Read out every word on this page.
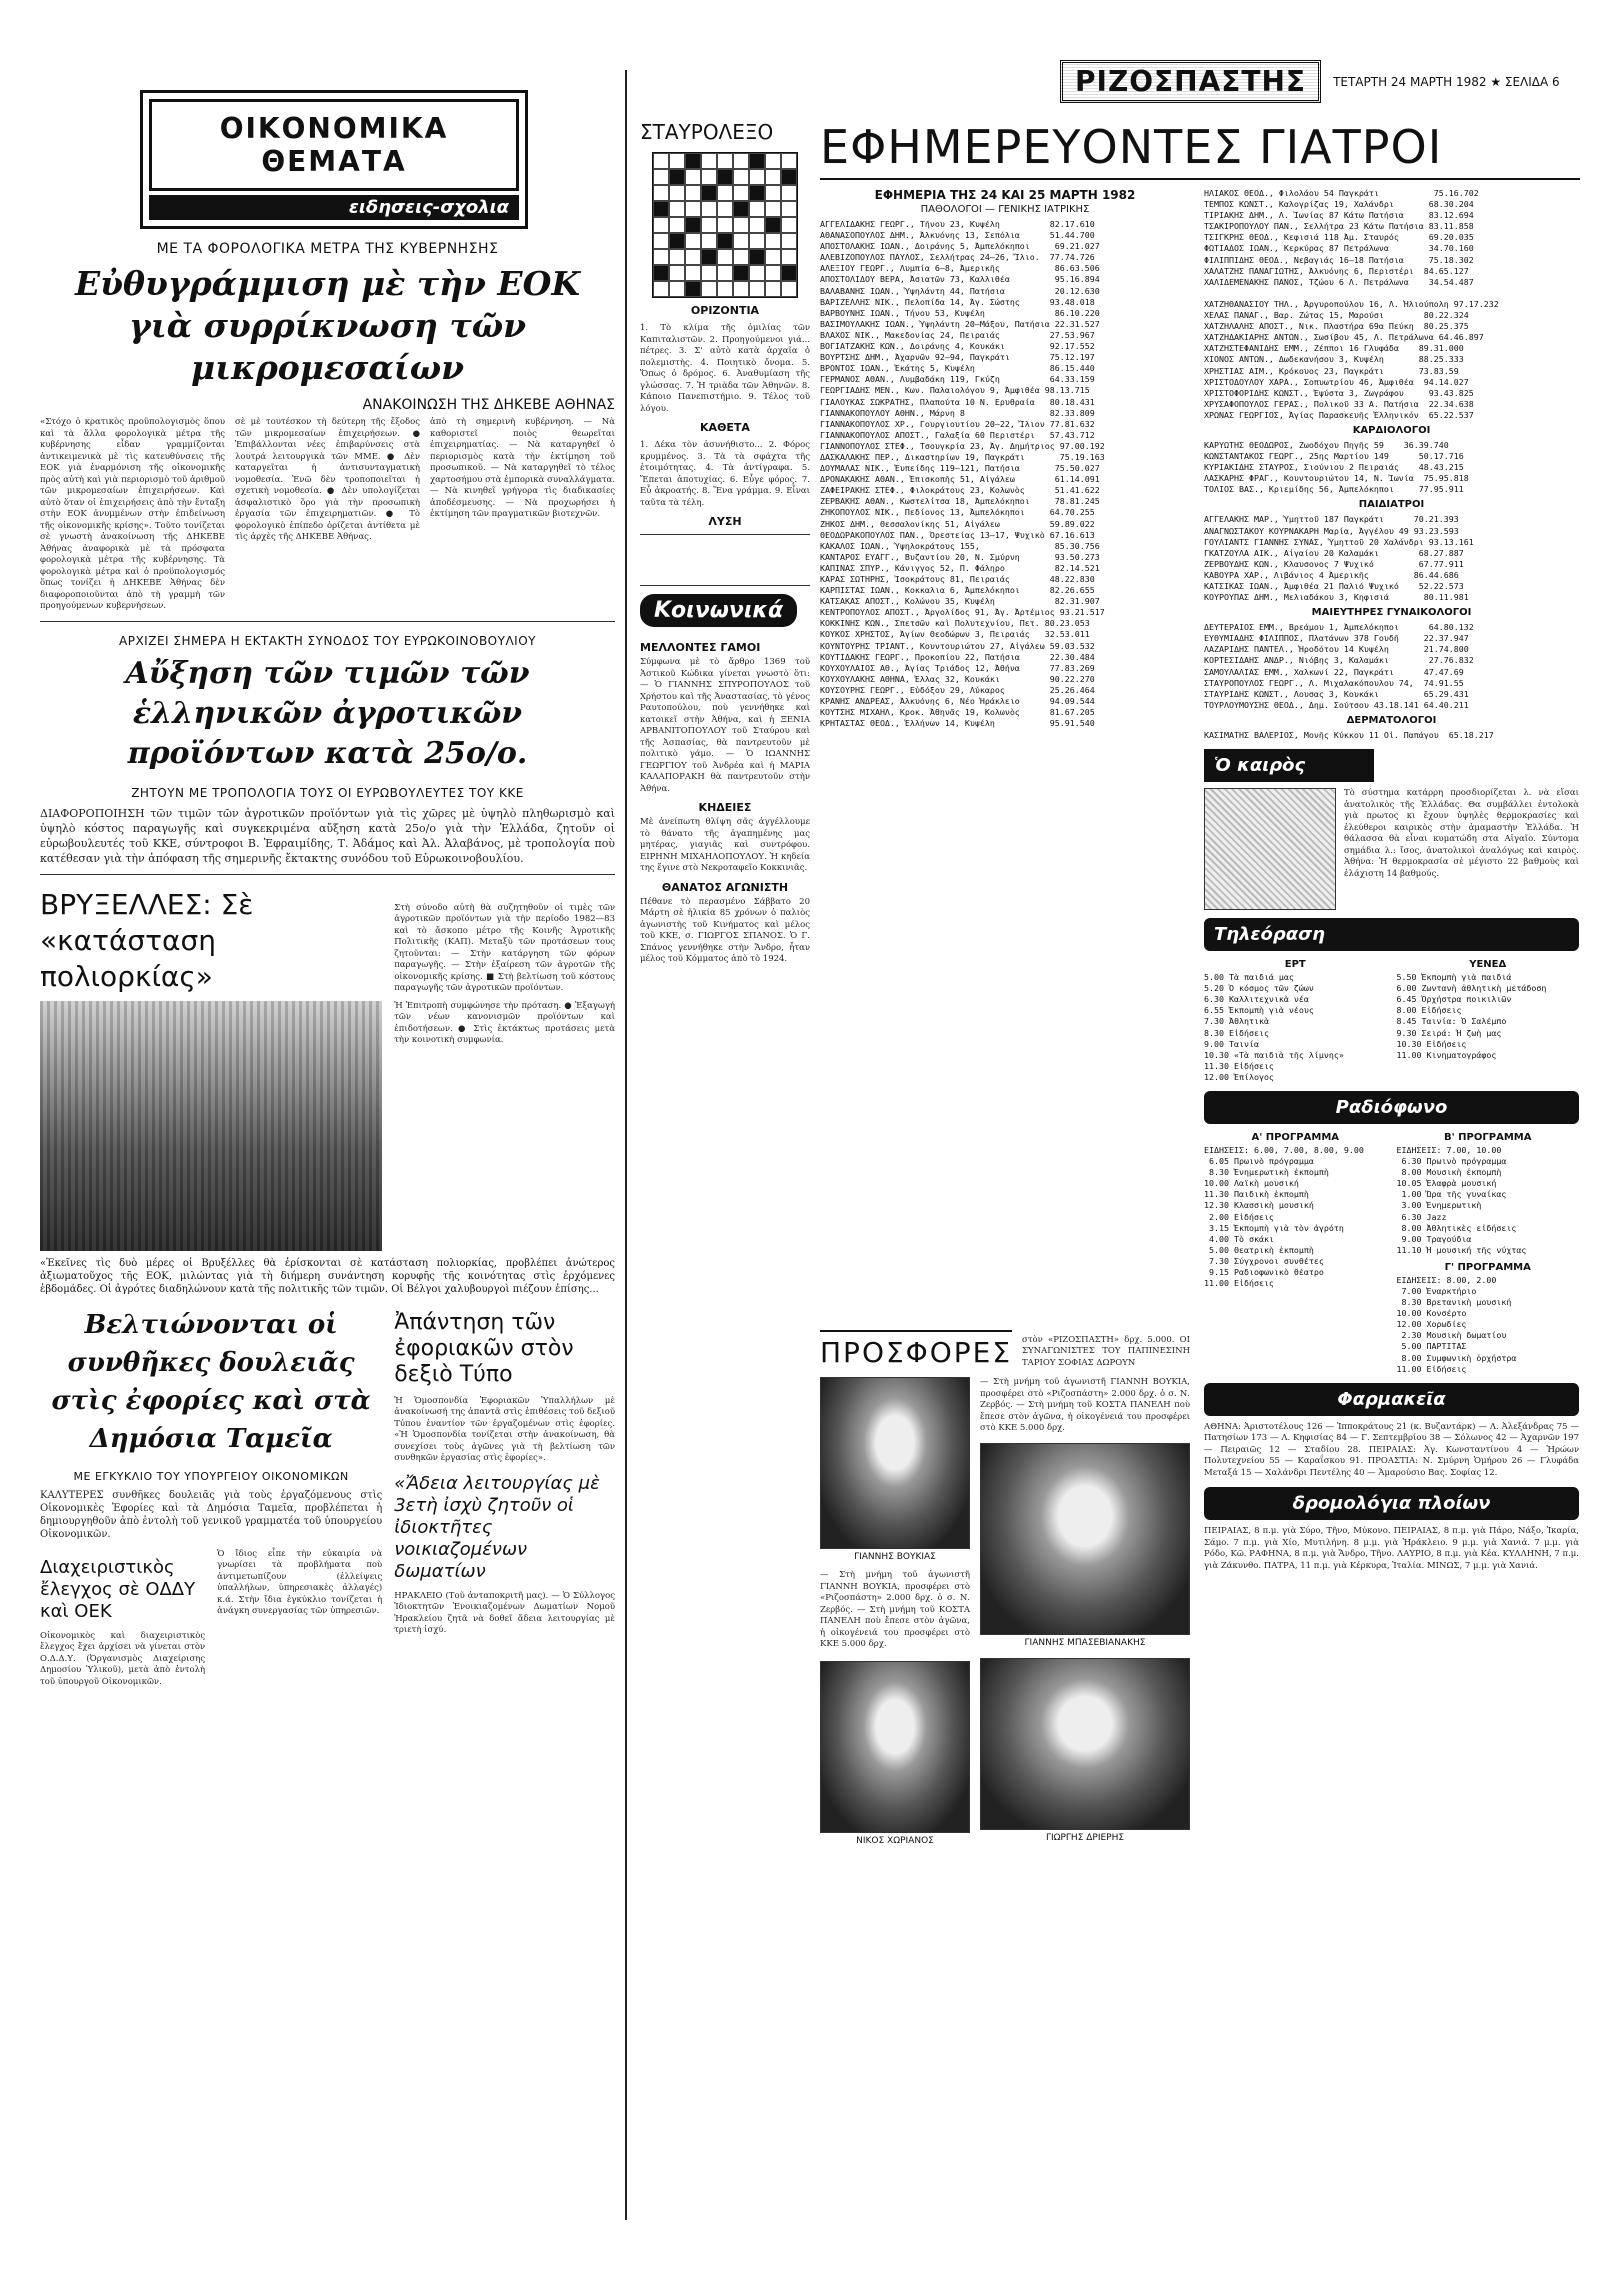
ΟΙΚΟΝΟΜΙΚΑ ΘΕΜΑΤΑ
ειδησεις-σχολια
ΜΕ ΤΑ ΦΟΡΟΛΟΓΙΚΑ ΜΕΤΡΑ ΤΗΣ ΚΥΒΕΡΝΗΣΗΣ
Εὐθυγράμμιση μὲ τὴν ΕΟΚ γιὰ συρρίκνωση τῶν μικρομεσαίων
ΑΝΑΚΟΙΝΩΣΗ ΤΗΣ ΔΗΚΕΒΕ ΑΘΗΝΑΣ
«Στόχο ὁ κρατικὸς προϋπολογισμὸς ὅπου καὶ τὰ ἄλλα φορολογικὰ μέτρα τῆς κυβέρνησης εἶδαν γραμμίζονται ἀντικειμενικὰ μὲ τὶς κατευθύνσεις τῆς ΕΟΚ γιὰ ἐναρμόνιση τῆς οἰκονομικῆς πρὸς αὐτὴ καὶ γιὰ περιορισμὸ τοῦ ἀριθμοῦ τῶν μικρομεσαίων ἐπιχειρήσεων. Καὶ αὐτὸ ὅταν οἱ ἐπιχειρήσεις ἀπὸ τὴν ἔνταξη στὴν ΕΟΚ ἀνυμμένων στὴν ἐπιδείνωση τῆς οἰκονομικῆς κρίσης». Τοῦτο τονίζεται σὲ γνωστὴ ἀνακοίνωση τῆς ΔΗΚΕΒΕ Ἀθήνας ἀναφορικὰ μὲ τὰ πρόσφατα φορολογικὰ μέτρα τῆς κυβέρνησης. Τὰ φορολογικὰ μέτρα καὶ ὁ προϋπολογισμός ὅπως τονίζει ἡ ΔΗΚΕΒΕ Ἀθήνας δὲν διαφοροποιοῦνται ἀπὸ τὴ γραμμὴ τῶν προηγούμενων κυβερνήσεων.
σὲ μὲ τουτέσκον τὴ δεύτερη τῆς ἔξοδος τῶν μικρομεσαίων ἐπιχειρήσεων. ● Ἐπιβάλλονται νέες ἐπιβαρύνσεις στὰ λουτρά λειτουργικὰ τῶν ΜΜΕ. ● Δὲν καταργεῖται ἡ ἀντισυνταγματικὴ νομοθεσία. Ἐνῶ δὲν τροποποιεῖται ἡ σχετικὴ νομοθεσία. ● Δὲν υπολογίζεται ἀσφαλιστικὸ ὅρο γιὰ τὴν προσωπικὴ ἐργασία τῶν ἐπιχειρηματιῶν. ● Τὸ φορολογικὸ ἐπίπεδο ὁρίζεται ἀντίθετα μὲ τὶς ἀρχὲς τῆς ΔΗΚΕΒΕ Ἀθήνας.
ἀπὸ τὴ σημερινὴ κυβέρνηση. — Νὰ καθοριστεῖ ποιὸς θεωρεῖται ἐπιχειρηματίας. — Νὰ καταργηθεῖ ὁ περιορισμὸς κατὰ τὴν ἐκτίμηση τοῦ προσωπικοῦ. — Νὰ καταργηθεῖ τὸ τέλος χαρτοσήμου στὰ ἐμπορικὰ συναλλάγματα. — Νὰ κινηθεῖ γρήγορα τὶς διαδικασίες ἀποδέσμευσης. — Νὰ προχωρήσει ἡ ἐκτίμηση τῶν πραγματικῶν βιοτεχνῶν.
ΑΡΧΙΖΕΙ ΣΗΜΕΡΑ Η ΕΚΤΑΚΤΗ ΣΥΝΟΔΟΣ ΤΟΥ ΕΥΡΩΚΟΙΝΟΒΟΥΛΙΟΥ
Αὔξηση τῶν τιμῶν τῶν ἑλληνικῶν ἀγροτικῶν προϊόντων κατὰ 25ο/ο.
ΖΗΤΟΥΝ ΜΕ ΤΡΟΠΟΛΟΓΙΑ ΤΟΥΣ ΟΙ ΕΥΡΩΒΟΥΛΕΥΤΕΣ ΤΟΥ ΚΚΕ
ΔΙΑΦΟΡΟΠΟΙΗΣΗ τῶν τιμῶν τῶν ἀγροτικῶν προϊόντων γιὰ τὶς χῶρες μὲ ὑψηλὸ πληθωρισμὸ καὶ ὑψηλὸ κόστος παραγωγῆς καὶ συγκεκριμένα αὔξηση κατὰ 25ο/ο γιὰ τὴν Ἑλλάδα, ζητοῦν οἱ εὐρωβουλευτές τοῦ ΚΚΕ, σύντροφοι Β. Ἐφραιμίδης, Τ. Ἀδάμος καὶ Ἀλ. Ἀλαβάνος, μὲ τροπολογία ποὺ κατέθεσαν γιὰ τὴν ἀπόφαση τῆς σημερινῆς ἔκτακτης συνόδου τοῦ Εὐρωκοινοβουλίου.
ΒΡΥΞΕΛΛΕΣ: Σὲ «κατάσταση πολιορκίας»
Στὴ σύνοδο αὐτὴ θὰ συζητηθοῦν οἱ τιμὲς τῶν ἀγροτικῶν προϊόντων γιὰ τὴν περίοδο 1982—83 καὶ τὸ ἄσκοπο μέτρο τῆς Κοινῆς Ἀγροτικῆς Πολιτικῆς (ΚΑΠ). Μεταξὺ τῶν προτάσεων τους ζητοῦνται: — Στὴν κατάργηση τῶν φόρων παραγωγῆς. — Στὴν ἐξαίρεση τῶν ἀγροτῶν τῆς οἰκονομικῆς κρίσης. ■ Στὴ βελτίωση τοῦ κόστους παραγωγῆς τῶν ἀγροτικῶν προϊόντων.
Ἡ Ἐπιτροπὴ συμφώνησε τὴν πρόταση. ● Ἐξαγωγή τῶν νέων κανονισμῶν προϊόντων καὶ ἐπιδοτήσεων. ● Στὶς ἐκτάκτως προτάσεις μετὰ τὴν κοινοτικὴ συμφωνία.
«Ἐκεῖνες τὶς δυὸ μέρες οἱ Βρυξέλλες θὰ ἐρίσκονται σὲ κατάσταση πολιορκίας, προβλέπει ἀνώτερος ἀξιωματοῦχος τῆς ΕΟΚ, μιλώντας γιὰ τὴ διήμερη συνάντηση κορυφῆς τῆς κοινότητας στὶς ἐρχόμενες ἑβδομάδες. Οἱ ἀγρότες διαδηλώνουν κατὰ τῆς πολιτικῆς τῶν τιμῶν. Οἱ Βέλγοι χαλυβουργοὶ πιέζουν ἐπίσης...
Βελτιώνονται οἱ συνθῆκες δουλειᾶς στὶς ἐφορίες καὶ στὰ Δημόσια Ταμεῖα
ΜΕ ΕΓΚΥΚΛΙΟ ΤΟΥ ΥΠΟΥΡΓΕΙΟΥ ΟΙΚΟΝΟΜΙΚΩΝ
ΚΑΛΥΤΕΡΕΣ συνθῆκες δουλειᾶς γιὰ τοὺς ἐργαζόμενους στὶς Οἰκονομικὲς Ἐφορίες καὶ τὰ Δημόσια Ταμεῖα, προβλέπεται ἡ δημιουργηθοῦν ἀπὸ ἐντολὴ τοῦ γενικοῦ γραμματέα τοῦ ὑπουργείου Οἰκονομικῶν.
Διαχειριστικὸς ἔλεγχος σὲ ΟΔΔΥ καὶ ΟΕΚ
Οἰκονομικὸς καὶ διαχειριστικὸς ἔλεγχος ἔχει ἀρχίσει νὰ γίνεται στὸν Ο.Δ.Δ.Υ. (Ὀργανισμὸς Διαχείρισης Δημοσίου Ὑλικοῦ), μετὰ ἀπὸ ἐντολὴ τοῦ ὑπουργοῦ Οἰκονομικῶν.
Ὁ ἴδιος εἶπε τὴν εὐκαιρία νὰ γνωρίσει τὰ προβλήματα ποὺ ἀντιμετωπίζουν (ἐλλείψεις ὑπαλλήλων, ὑπηρεσιακὲς ἀλλαγές) κ.ά. Στὴν ἴδια ἐγκύκλιο τονίζεται ἡ ἀνάγκη συνεργασίας τῶν ὑπηρεσιῶν.
Ἀπάντηση τῶν ἐφοριακῶν στὸν δεξιὸ Τύπο
Ἡ Ὁμοσπονδία Ἐφοριακῶν Ὑπαλλήλων μὲ ἀνακοίνωσή της ἀπαντᾶ στὶς ἐπιθέσεις τοῦ δεξιοῦ Τύπου ἐναντίον τῶν ἐργαζομένων στὶς ἐφορίες. «Ἡ Ὁμοσπονδία τονίζεται στὴν ἀνακοίνωση, θὰ συνεχίσει τοὺς ἀγῶνες γιὰ τὴ βελτίωση τῶν συνθηκῶν ἐργασίας στὶς ἐφορίες».
«Ἄδεια λειτουργίας μὲ 3ετὴ ἰσχὺ ζητοῦν οἱ ἰδιοκτῆτες νοικιαζομένων δωματίων
ΗΡΑΚΛΕΙΟ (Τοῦ ἀνταποκριτῆ μας). — Ὁ Σύλλογος Ἰδιοκτητῶν Ἐνοικιαζομένων Δωματίων Νομοῦ Ἡρακλείου ζητᾶ νὰ δοθεῖ ἄδεια λειτουργίας μὲ τριετὴ ἰσχύ.
ΡΙΖΟΣΠΑΣΤΗΣ	ΤΕΤΑΡΤΗ 24 ΜΑΡΤΗ 1982 ★ ΣΕΛΙΔΑ 6
ΣΤΑΥΡΟΛΕΞΟ
ΟΡΙΖΟΝΤΙΑ
1. Τὸ κλίμα τῆς ὁμιλίας τῶν Καπιταλιστῶν. 2. Προηγούμενοι γιά... πέτρες. 3. Σ' αὐτὸ κατὰ ἀρχαῖα ὁ πολεμιστὴς. 4. Ποιητικὸ ὄνομα. 5. Ὅπως ὁ δρόμος. 6. Ἀναθυμίαση τῆς γλώσσας. 7. Ἡ τριὰδα τῶν Ἀθηνῶν. 8. Κάποιο Πανεπιστήμιο. 9. Τέλος τοῦ λόγου.
ΚΑΘΕΤΑ
1. Δέκα τὸν ἀσυνήθιστο... 2. Φόρος κρυμμένος. 3. Τὰ τὰ σφάχτα τῆς ἑτοιμότητας. 4. Τὰ ἀντίγραφα. 5. Ἔπεται ἀποτυχίας. 6. Εὖγε φόρος. 7. Εὖ ἀκροατής. 8. Ἕνα γράμμα. 9. Εἶναι ταῦτα τὰ τέλη.
ΛΥΣΗ
Κοινωνικά
ΜΕΛΛΟΝΤΕΣ ΓΑΜΟΙ
Σύμφωνα μὲ τὸ ἄρθρο 1369 τοῦ Ἀστικοῦ Κώδικα γίνεται γνωστὸ ὅτι: — Ὁ ΓΙΑΝΝΗΣ ΣΠΥΡΟΠΟΥΛΟΣ τοῦ Χρήστου καὶ τῆς Ἀναστασίας, τὸ γένος Ραυτοπούλου, ποὺ γεννήθηκε καὶ κατοικεῖ στὴν Ἀθήνα, καὶ ἡ ΞΕΝΙΑ ΑΡΒΑΝΙΤΟΠΟΥΛΟΥ τοῦ Σταύρου καὶ τῆς Ἀσπασίας, θὰ παντρευτοῦν μὲ πολιτικὸ γάμο. — Ὁ ΙΩΑΝΝΗΣ ΓΕΩΡΓΙΟΥ τοῦ Ἀνδρέα καὶ ἡ ΜΑΡΙΑ ΚΑΛΑΠΟΡΑΚΗ θὰ παντρευτοῦν στὴν Ἀθήνα.
ΚΗΔΕΙΕΣ
Μὲ ἀνείπωτη θλίψη σᾶς ἀγγέλλουμε τὸ θάνατο τῆς ἀγαπημένης μας μητέρας, γιαγιᾶς καὶ συντρόφου. ΕΙΡΗΝΗ ΜΙΧΑΗΛΟΠΟΥΛΟΥ. Ἡ κηδεία της ἔγινε στὸ Νεκροταφεῖο Κοκκινιᾶς.
ΘΑΝΑΤΟΣ ΑΓΩΝΙΣΤΗ
Πέθανε τὸ περασμένο Σάββατο 20 Μάρτη σὲ ἡλικία 85 χρόνων ὁ παλιὸς ἀγωνιστὴς τοῦ Κινήματος καὶ μέλος τοῦ ΚΚΕ, σ. ΓΙΩΡΓΟΣ ΣΠΑΝΟΣ. Ὁ Γ. Σπάνος γεννήθηκε στὴν Ἄνδρο, ἦταν μέλος τοῦ Κόμματος ἀπὸ τὸ 1924.
ΕΦΗΜΕΡΕΥΟΝΤΕΣ ΓΙΑΤΡΟΙ
ΕΦΗΜΕΡΙΑ ΤΗΣ 24 ΚΑΙ 25 ΜΑΡΤΗ 1982
ΠΑΘΟΛΟΓΟΙ — ΓΕΝΙΚΗΣ ΙΑΤΡΙΚΗΣ
ΑΓΓΕΛΙΔΑΚΗΣ ΓΕΩΡΓ., Τῆνου 23, Κυψέλη          82.17.610
ΑΘΑΝΑΣΟΠΟΥΛΟΣ ΔΗΜ., Ἀλκυόνης 13, Σεπόλια      51.44.700
ΑΠΟΣΤΟΛΑΚΗΣ ΙΩΑΝ., Δοιράνης 5, Ἀμπελόκηποι     69.21.027
ΑΛΕΒΙΖΟΠΟΥΛΟΣ ΠΑΥΛΟΣ, Σελλήτρας 24—26, Ἴλιο.  77.74.726
ΑΛΕΞΙΟΥ ΓΕΩΡΓ., Λυμπία 6—8, Ἀμερικῆς           86.63.506
ΑΠΟΣΤΟΛΙΔΟΥ ΒΕΡΑ, Ἀσιατῶν 73, Καλλιθέα         95.16.894
ΒΑΛΑΒΑΝΗΣ ΙΩΑΝ., Ὑψηλάντη 44, Πατήσια          20.12.630
ΒΑΡΙΖΕΛΛΗΣ ΝΙΚ., Πελοπίδα 14, Άγ. Σώστης      93.48.018
ΒΑΡΒΟΥΝΗΣ ΙΩΑΝ., Τήνου 53, Κυψέλη              86.10.220
ΒΑΣΙΜΟΥΛΑΚΗΣ ΙΩΑΝ., Ὑψηλάντη 20—Μάξου, Πατήσια 22.31.527
ΒΛΑΧΟΣ ΝΙΚ., Μακεδονίας 24, Πειραιάς          27.53.967
ΒΟΓΙΑΤΖΑΚΗΣ ΚΩΝ., Δοιράνης 4, Κουκάκι         92.17.552
ΒΟΥΡΤΣΗΣ ΔΗΜ., Ἀχαρνῶν 92—94, Παγκράτι        75.12.197
ΒΡΟΝΤΟΣ ΙΩΑΝ., Ἐκάτης 5, Κυψέλη               86.15.440
ΓΕΡΜΑΝΟΣ ΑΘΑΝ., Λυμβαδάκη 119, Γκύζη          64.33.159
ΓΕΩΡΓΙΑΔΗΣ ΜΕΝ., Κων. Παλαιολόγου 9, Ἀμφιθέα 98.13.715
ΓΙΑΛΟΥΚΑΣ ΣΩΚΡΑΤΗΣ, Πλαπούτα 10 Ν. Ερυθραία   80.18.431
ΓΙΑΝΝΑΚΟΠΟΥΛΟΥ ΑΘΗΝ., Μάρνη 8                 82.33.809
ΓΙΑΝΝΑΚΟΠΟΥΛΟΣ ΧΡ., Γουργιουτίου 20—22, Ἴλιον 77.81.632
ΓΙΑΝΝΑΚΟΠΟΥΛΟΣ ΑΠΟΣΤ., Γαλαξία 60 Περιστέρι   57.43.712
ΓΙΑΝΝΟΠΟΥΛΟΣ ΣΤΕΦ., Τσουγκρία 23, Ἀγ. Δημήτριος 97.00.192
ΔΑΣΚΑΛΑΚΗΣ ΠΕΡ., Δικαστηρίων 19, Παγκράτι       75.19.163
ΔΟΥΜΑΛΑΣ ΝΙΚ., Ἐυπείδης 119—121, Πατήσια       75.50.027
ΔΡΟΝΑΚΑΚΗΣ ΑΘΑΝ., Ἐπισκοπῆς 51, Αἰγάλεω        61.14.091
ΖΑΦΕΙΡΑΚΗΣ ΣΤΕΦ., Φιλοκράτους 23, Κολωνὸς      51.41.622
ΖΕΡΒΑΚΗΣ ΑΘΑΝ., Κωστελίτσα 18, Ἀμπελόκηποι     78.81.245
ΖΗΚΟΠΟΥΛΟΣ ΝΙΚ., Πεδίονος 13, Ἀμπελόκηποι     64.70.255
ΖΗΚΟΣ ΔΗΜ., Θεσσαλονίκης 51, Αἰγάλεω          59.89.022
ΘΕΟΔΩΡΑΚΟΠΟΥΛΟΣ ΠΑΝ., Ὀρεστείας 13—17, Ψυχικὸ 67.16.613
ΚΑΚΑΛΟΣ ΙΩΑΝ., Ὑψηλοκράτους 155,               85.30.756
ΚΑΝΤΑΡΟΣ ΕΥΑΓΓ., Βυζαντίου 20, Ν. Σμύρνη       93.50.273
ΚΑΠΙΝΑΣ ΣΠΥΡ., Κάνιγγος 52, Π. Φάληρο          82.14.521
ΚΑΡΑΣ ΣΩΤΗΡΗΣ, Ἰσοκράτους 81, Πειραιάς        48.22.830
ΚΑΡΠΙΣΤΑΣ ΙΩΑΝ., Κοκκαλια 6, Ἀμπελόκηποι      82.26.655
ΚΑΤΣΑΚΑΣ ΑΠΟΣΤ., Κολώνου 35, Κυψέλη            82.31.907
ΚΕΝΤΡΟΠΟΥΛΟΣ ΑΠΟΣΤ., Ἀργολίδος 91, Ἀγ. Ἀρτέμιος 93.21.517
ΚΟΚΚΙΝΗΣ ΚΩΝ., Σπετσῶν καὶ Πολυτεχνίου, Πετ. 80.23.053
ΚΟΥΚΟΣ ΧΡΗΣΤΟΣ, Ἀγίων Θεοδώρων 3, Πειραιάς   32.53.011
ΚΟΥΝΤΟΥΡΗΣ ΤΡΙΑΝΤ., Κουντουριώτου 27, Αἰγάλεω 59.03.532
ΚΟΥΤΙΔΑΚΗΣ ΓΕΩΡΓ., Προκοπίου 22, Πατήσια      22.30.484
ΚΟΥΧΟΥΛΑΙΟΣ ΑΘ., Ἀγίας Τριάδος 12, Ἀθήνα      77.83.269
ΚΟΥΧΟΥΛΑΚΗΣ ΑΘΗΝΑ, Ἐλλας 32, Κουκάκι          90.22.270
ΚΟΥΣΟΥΡΗΣ ΓΕΩΡΓ., Εὐδόξου 29, Λύκαρος         25.26.464
ΚΡΑΝΗΣ ΑΝΔΡΕΑΣ, Ἀλκυόνης 6, Νέο Ἡράκλειο      94.09.544
ΚΟΥΤΣΗΣ ΜΙΧΑΗΛ, Κροκ. Ἀθηνᾶς 19, Κολωνὸς      81.67.205
ΚΡΗΤΑΣΤΑΣ ΘΕΟΔ., Ἑλλήνων 14, Κυψέλη           95.91.540
ΗΛΙΑΚΟΣ ΘΕΟΔ., Φιλολάου 54 Παγκράτι           75.16.702
ΤΕΜΠΟΣ ΚΩΝΣΤ., Καλογρίζας 19, Χαλάνδρι       68.30.204
ΤΙΡΙΑΚΗΣ ΔΗΜ., Λ. Ἰωνίας 87 Κάτω Πατήσια     83.12.694
ΤΣΑΚΙΡΟΠΟΥΛΟΥ ΠΑΝ., Σελλήτρα 23 Κάτω Πατήσια 83.11.858
ΤΣΙΓΚΡΗΣ ΘΕΟΔ., Κεφισιά 118 Ἀμ. Σταυρός      69.20.035
ΦΩΤΙΑΔΟΣ ΙΩΑΝ., Κερκύρας 87 Πετράλωνα        34.70.160
ΦΙΛΙΠΠΙΔΗΣ ΘΕΟΔ., Νεβαγιάς 16—18 Πατήσια     75.18.302
ΧΑΛΑΤΖΗΣ ΠΑΝΑΓΙΩΤΗΣ, Ἀλκυόνης 6, Περιστέρι  84.65.127
ΧΑΛΙΔΕΜΕΝΑΚΗΣ ΠΑΝΟΣ, Τζώου 6 Λ. Πετράλωνα    34.54.487

ΧΑΤΖΗΘΑΝΑΣΙΟΥ ΤΗΛ., Ἀργυροπούλου 16, Λ. Ἡλιούπολη 97.17.232
ΧΕΛΑΣ ΠΑΝΑΓ., Βαρ. Ζώτας 15, Μαρούσι        80.22.324
ΧΑΤΖΗΛΑΛΗΣ ΑΠΟΣΤ., Νικ. Πλαστήρα 69α Πεύκη  80.25.375
ΧΑΤΖΗΔΑΚΙΑΡΗΣ ΑΝΤΩΝ., Σωσίβου 45, Λ. Πετράλωνα 64.46.897
ΧΑΤΖΗΣΤΕΦΑΝΙΔΗΣ ΕΜΜ., Ζέπποι 16 Γλυφάδα    89.31.000
ΧΙΟΝΟΣ ΑΝΤΩΝ., Δωδεκανήσου 3, Κυψέλη       88.25.333
ΧΡΗΣΤΙΑΣ ΑΙΜ., Κρόκουος 23, Παγκράτι       73.83.59
ΧΡΙΣΤΟΔΟΥΛΟΥ ΧΑΡΑ., Σοπυωτρίου 46, Ἀμφιθέα  94.14.027
ΧΡΙΣΤΟΦΟΡΙΔΗΣ ΚΩΝΣΤ., Ἐψύστα 3, Ζωγράφου     93.43.825
ΧΡΥΣΑΦΟΠΟΥΛΟΣ ΓΕΡΑΣ., Πολικοῦ 33 Α. Πατήσια  22.34.638
ΧΡΩΝΑΣ ΓΕΩΡΓΙΟΣ, Ἀγίας Παρασκευῆς Ἑλληνικόν  65.22.537
ΚΑΡΔΙΟΛΟΓΟΙ
ΚΑΡΥΩΤΗΣ ΘΕΟΔΩΡΟΣ, Ζωοδόχου Πηγῆς 59    36.39.740
ΚΩΝΣΤΑΝΤΑΚΟΣ ΓΕΩΡΓ., 25ης Μαρτίου 149      50.17.716
ΚΥΡΙΑΚΙΔΗΣ ΣΤΑΥΡΟΣ, Σιούνιου 2 Πειραιάς    48.43.215
ΛΑΣΚΑΡΗΣ ΦΡΑΓ., Κουντουριώτου 14, Ν. Ἰωνία  75.95.818
ΤΟΛΙΟΣ ΒΑΣ., Κριεμίδης 56, Ἀμπελόκηποι     77.95.911
ΠΑΙΔΙΑΤΡΟΙ
ΑΓΓΕΛΑΚΗΣ ΜΑΡ., Ὑμηττοῦ 187 Παγκράτι      70.21.393
ΑΝΑΓΝΩΣΤΑΚΟΥ ΚΟΥΡΝΑΚΑΡΗ Μαρία, Ἀγγέλου 49 93.23.593
ΓΟΥΛΙΑΝΤΣ ΓΙΑΝΝΗΣ ΣΥΝΑΣ, Ὑμηττοῦ 20 Χαλάνδρι 93.13.161
ΓΚΑΤΖΟΥΛΑ ΑΙΚ., Αἰγαίου 20 Καλαμάκι        68.27.887
ΖΕΡΒΟΥΔΗΣ ΚΩΝ., Κλαυσονος 7 Ψυχικό         67.77.911
ΚΑΒΟΥΡΑ ΧΑΡ., Λιβάνιος 4 Ἀμερικῆς         86.44.686
ΚΑΤΣΙΚΑΣ ΙΩΑΝ., Ἀμφιθέα 21 Παλιό Ψυχικό    52.22.573
ΚΟΥΡΟΥΠΑΣ ΔΗΜ., Μελιαδάκου 3, Κηφισιά       80.11.981
ΜΑΙΕΥΤΗΡΕΣ ΓΥΝΑΙΚΟΛΟΓΟΙ
ΔΕΥΤΕΡΑΙΟΣ ΕΜΜ., Βρεάμου 1, Ἀμπελόκηποι      64.80.132
ΕΥΘΥΜΙΑΔΗΣ ΦΙΛΙΠΠΟΣ, Πλατάνων 378 Γουδῆ     22.37.947
ΛΑΖΑΡΙΔΗΣ ΠΑΝΤΕΛ., Ἡροδότου 14 Κυψέλη       21.74.800
ΚΟΡΤΕΣΙΔΑΗΣ ΑΝΔΡ., Νιόβης 3, Καλαμάκι        27.76.832
ΣΑΜΟΥΛΑΛΙΑΣ ΕΜΜ., Χαλκωνί 22, Παγκράτι      47.47.69
ΣΤΑΥΡΟΠΟΥΛΟΣ ΓΕΩΡΓ., Λ. Μιχαλακόπουλου 74,  74.91.55
ΣΤΑΥΡΙΔΗΣ ΚΩΝΣΤ., Λουσας 3, Κουκάκι         65.29.431
ΤΟΥΡΛΟΥΜΟΥΣΗΣ ΘΕΟΔ., Δημ. Σούτσου 43.18.141 64.40.211
ΔΕΡΜΑΤΟΛΟΓΟΙ
ΚΑΣΙΜΑΤΗΣ ΒΑΛΕΡΙΟΣ, Μονῆς Κύκκου 11 Οἰ. Παπάγου  65.18.217
Ὁ καιρὸς
Τὸ σύστημα κατάρρη προσδιορίζεται λ. νὰ εἴσαι ἀνατολικὸς τῆς Ἑλλάδας. Θα συμβάλλει ἐντολοκὰ γιὰ πρωτος κι ἔχουν ὑψηλὲς θερμοκρασίες καὶ ἐλεύθεροι καιρικὸς στὴν ἀμαμαστὴν Ἑλλάδα. Ἡ θάλασσα θὰ εἶναι κυματώδη στα Αἰγαῖο. Σύντομα σημάδια λ.: ἴσος, ἀνατολικοὶ ἀναλόγως καὶ καιρὸς. Ἀθήνα: Ἡ θερμοκρασία σὲ μέγιστο 22 βαθμοὺς καὶ ἐλάχιστη 14 βαθμούς.
Τηλεόραση
ΕΡΤ
5.00 Τὰ παιδιά μας
5.20 Ὁ κόσμος τῶν ζώων
6.30 Καλλιτεχνικὰ νέα
6.55 Ἐκπομπὴ γιὰ νέους
7.30 Ἀθλητικὰ
8.30 Εἰδήσεις
9.00 Ταινία
10.30 «Τὰ παιδιὰ τῆς λίμνης»
11.30 Εἰδήσεις
12.00 Ἐπίλογος
ΥΕΝΕΔ
5.50 Ἐκπομπὴ γιὰ παιδιά
6.00 Ζωντανὴ ἀθλητικὴ μετάδοση
6.45 Ὀρχήστρα ποικιλιῶν
8.00 Εἰδήσεις
8.45 Ταινία: Ὁ Σαλέμπο
9.30 Σειρά: Ἡ ζωὴ μας
10.30 Εἰδήσεις
11.00 Κινηματογράφος
Ραδιόφωνο
Α' ΠΡΟΓΡΑΜΜΑ
ΕΙΔΗΣΕΙΣ: 6.00, 7.00, 8.00, 9.00
6.05 Πρωινὸ πρόγραμμα
8.30 Ἐνημερωτικὴ ἐκπομπὴ
10.00 Λαϊκὴ μουσική
11.30 Παιδικὴ ἐκπομπὴ
12.30 Κλασσικὴ μουσική
2.00 Εἰδήσεις
3.15 Ἐκπομπὴ γιὰ τὸν ἀγρότη
4.00 Τὸ σκάκι
5.00 Θεατρικὴ ἐκπομπὴ
7.30 Σύγχρονοι συνθέτες
9.15 Ραδιοφωνικὸ θέατρο
11.00 Εἰδήσεις
Β' ΠΡΟΓΡΑΜΜΑ
ΕΙΔΗΣΕΙΣ: 7.00, 10.00
6.30 Πρωινὸ πρόγραμμα
8.00 Μουσικὴ ἐκπομπὴ
10.05 Ἐλαφρὰ μουσική
1.00 Ὥρα τῆς γυναίκας
3.00 Ἐνημερωτικὴ
6.30 Jazz
8.00 Ἀθλητικὲς εἰδήσεις
9.00 Τραγούδια
11.10 Ἡ μουσική τῆς νύχτας
Γ' ΠΡΟΓΡΑΜΜΑ
ΕΙΔΗΣΕΙΣ: 8.00, 2.00
7.00 Ἐναρκτήριο
8.30 Βρετανικὴ μουσική
10.00 Κονσέρτο
12.00 Χορωδίες
2.30 Μουσικὴ δωματίου
5.00 ΠΑΡΤΙΤΑΣ
8.00 Συμφωνικὴ ὀρχήστρα
11.00 Εἰδήσεις
Φαρμακεῖα
ΑΘΗΝΑ: Ἀριστοτέλους 126 — Ἱπποκράτους 21 (κ. Βυζαντάρκ) — Λ. Ἀλεξάνδρας 75 — Πατησίων 173 — Λ. Κηφισίας 84 — Γ. Σεπτεμβρίου 38 — Σόλωνος 42 — Ἀχαρνῶν 197 — Πειραιῶς 12 — Σταδίου 28. ΠΕΙΡΑΙΑΣ: Ἀγ. Κωνσταντίνου 4 — Ἡρώων Πολυτεχνείου 55 — Καραΐσκου 91. ΠΡΟΑΣΤΙΑ: Ν. Σμύρνη Ὁμήρου 26 — Γλυφάδα Μεταξά 15 — Χαλάνδρι Πεντέλης 40 — Ἀμαρούσιο Βας. Σοφίας 12.
δρομολόγια πλοίων
ΠΕΙΡΑΙΑΣ, 8 π.μ. γιὰ Σύρο, Τῆνο, Μύκονο. ΠΕΙΡΑΙΑΣ, 8 π.μ. γιὰ Πάρο, Νάξο, Ἰκαρία, Σάμο. 7 π.μ. γιὰ Χίο, Μυτιλήνη. 8 μ.μ. γιὰ Ἡράκλειο. 9 μ.μ. γιὰ Χανιά. 7 μ.μ. γιὰ Ρόδο, Κῶ. ΡΑΦΗΝΑ, 8 π.μ. γιὰ Ἄνδρο, Τῆνο. ΛΑΥΡΙΟ, 8 π.μ. γιὰ Κέα. ΚΥΛΛΗΝΗ, 7 π.μ. γιὰ Ζάκυνθο. ΠΑΤΡΑ, 11 π.μ. γιὰ Κέρκυρα, Ἰταλία. ΜΙΝΩΣ, 7 μ.μ. γιὰ Χανιά.
ΠΡΟΣΦΟΡΕΣ στὸν «ΡΙΖΟΣΠΑΣΤΗ» δρχ. 5.000. ΟΙ ΣΥΝΑΓΩΝΙΣΤΕΣ ΤΟΥ ΠΑΠΙΝΕΣΙΝΗ ΤΑΡΙΟΥ ΣΟΦΙΑΣ ΔΩΡΟΥΝ
ΓΙΑΝΝΗΣ ΒΟΥΚΙΑΣ
— Στὴ μνήμη τοῦ ἀγωνιστῆ ΓΙΑΝΝΗ ΒΟΥΚΙΑ, προσφέρει στὸ «Ριζοσπάστη» 2.000 δρχ. ὁ σ. Ν. Ζερβός. — Στὴ μνήμη τοῦ ΚΟΣΤΑ ΠΑΝΕΛΗ ποὺ ἔπεσε στὸν ἀγῶνα, ἡ οἰκογένειά του προσφέρει στὸ ΚΚΕ 5.000 δρχ.
ΝΙΚΟΣ ΧΩΡΙΑΝΟΣ
— Στὴ μνήμη τοῦ ἀγωνιστῆ ΓΙΑΝΝΗ ΒΟΥΚΙΑ, προσφέρει στὸ «Ριζοσπάστη» 2.000 δρχ. ὁ σ. Ν. Ζερβός. — Στὴ μνήμη τοῦ ΚΟΣΤΑ ΠΑΝΕΛΗ ποὺ ἔπεσε στὸν ἀγῶνα, ἡ οἰκογένειά του προσφέρει στὸ ΚΚΕ 5.000 δρχ.
ΓΙΑΝΝΗΣ ΜΠΑΣΕΒΙΑΝΑΚΗΣ
ΓΙΩΡΓΗΣ ΔΡΙΕΡΗΣ
